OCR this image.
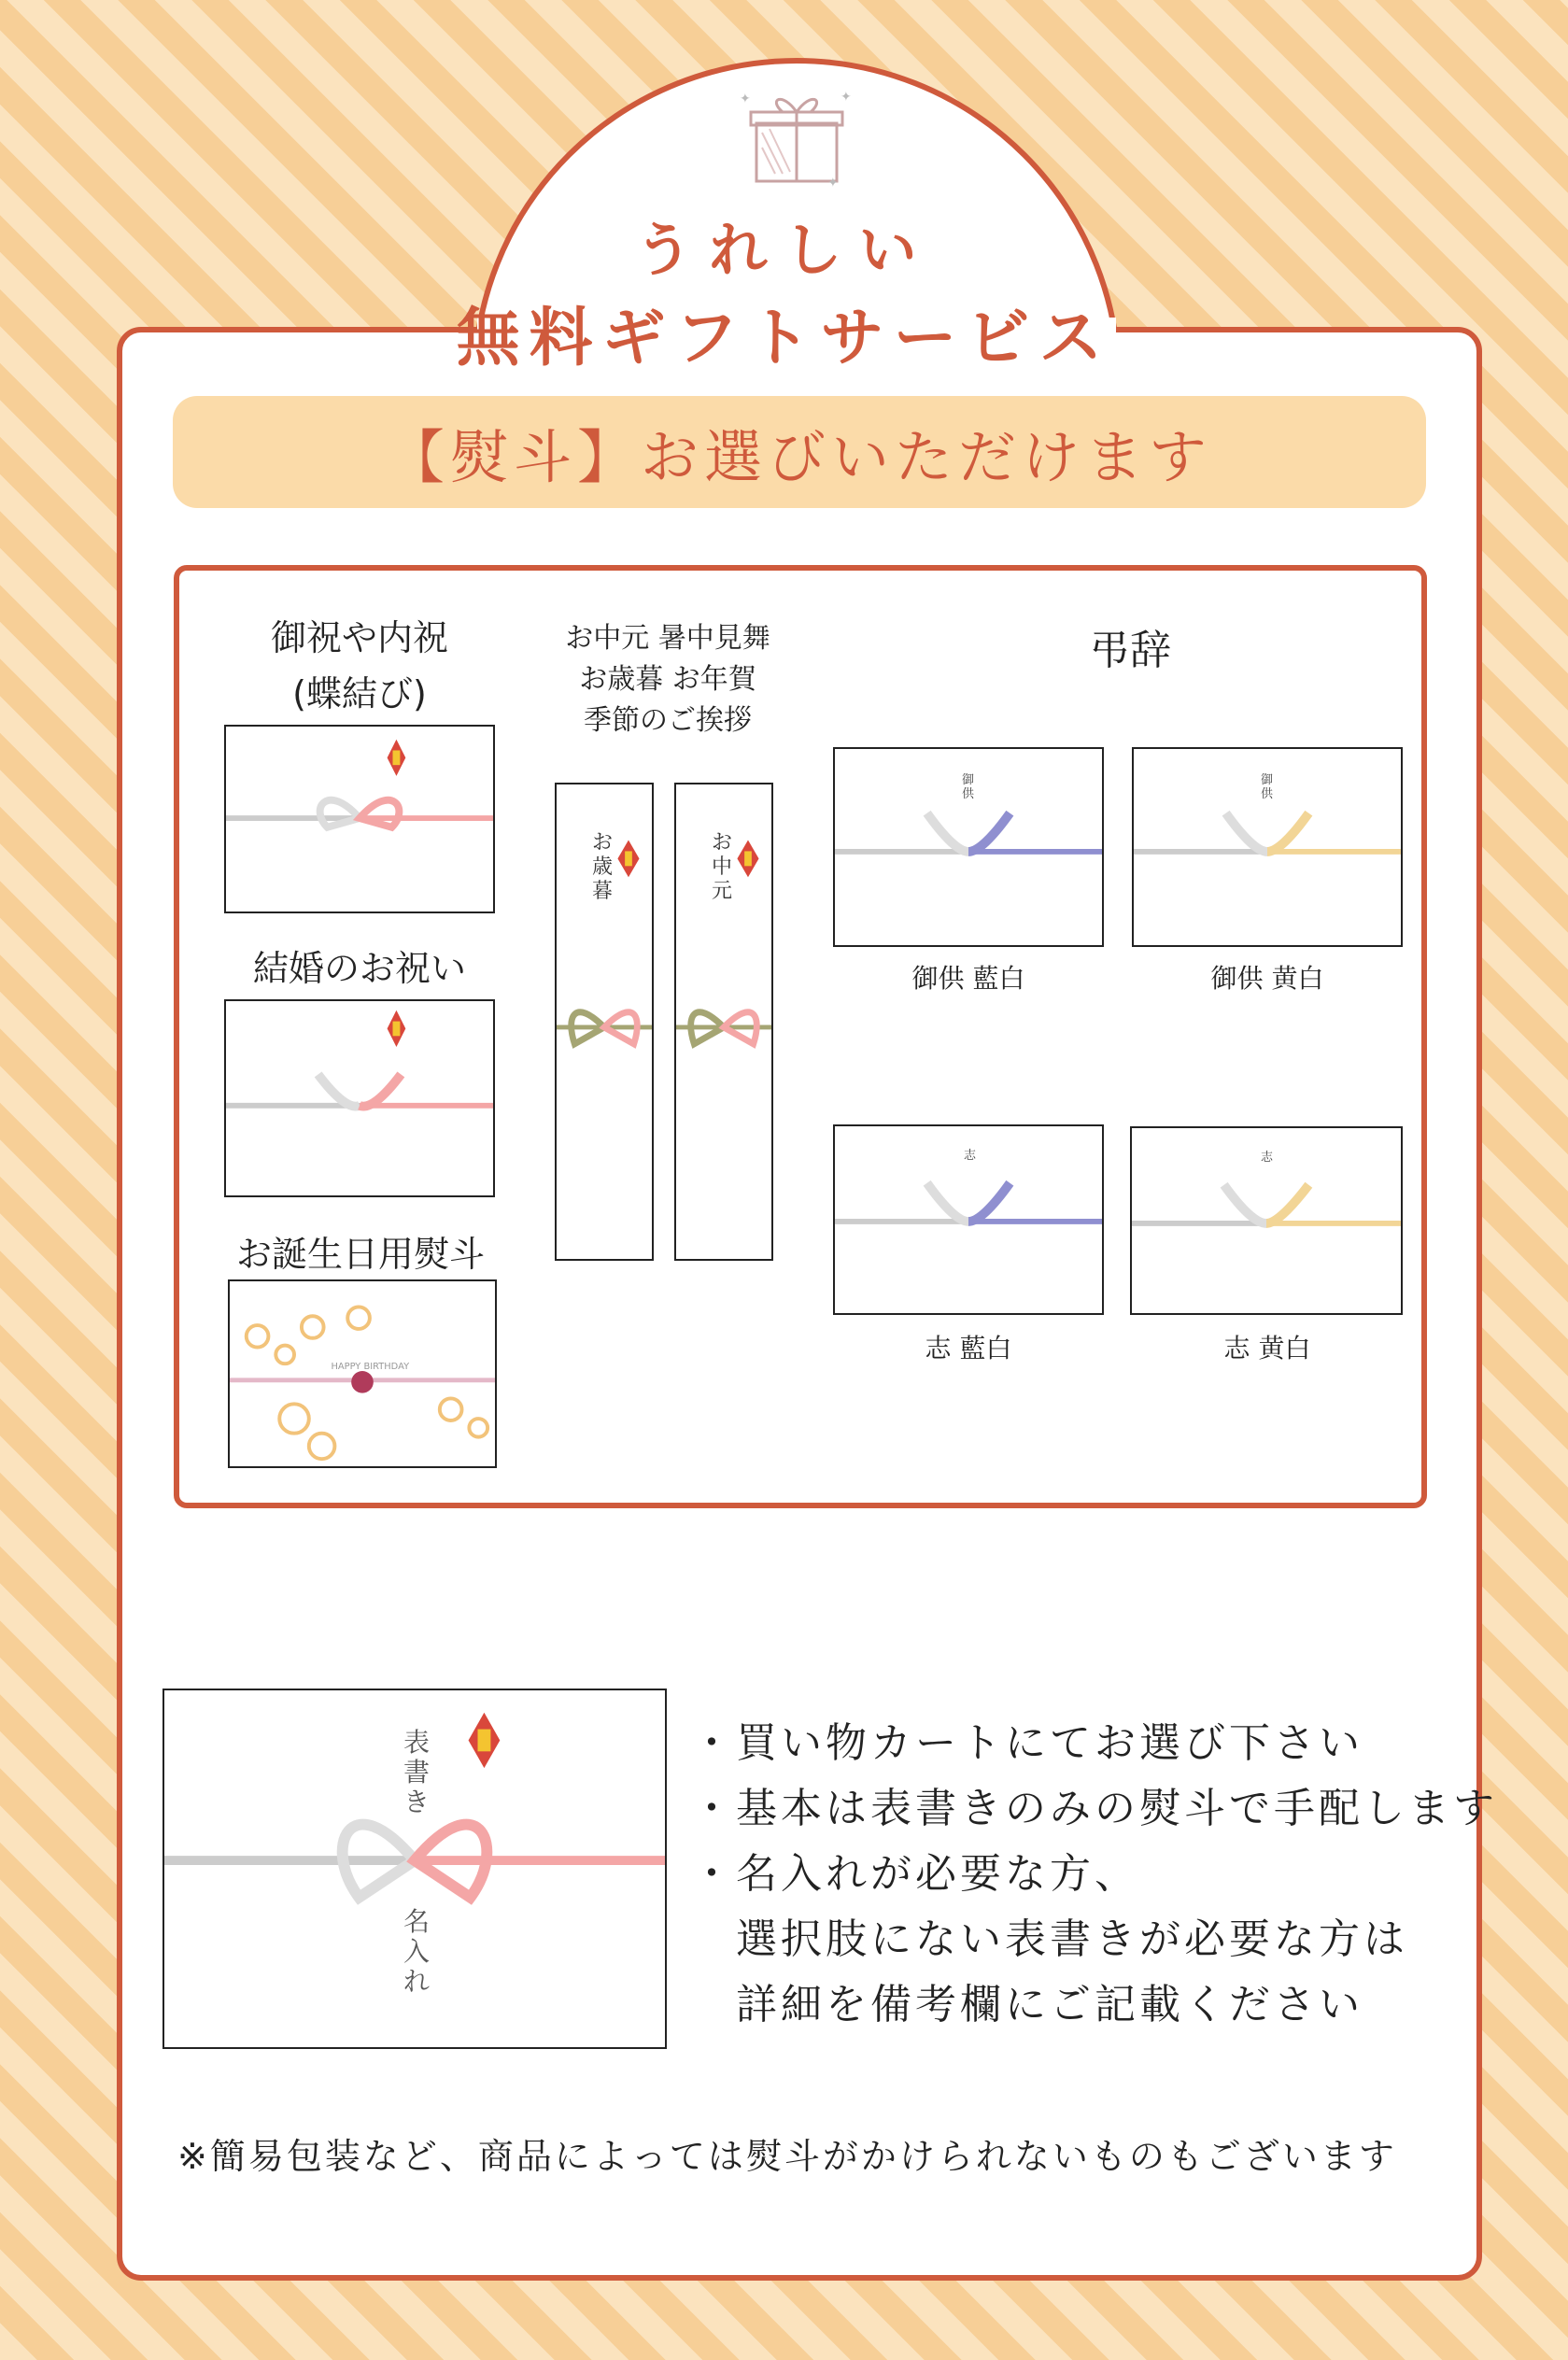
✦	✦
✦
うれしい
無料ギフトサービス
【熨斗】お選びいただけます
御祝や内祝
(蝶結び)
結婚のお祝い
お誕生日用熨斗
HAPPY BIRTHDAY
お中元 暑中見舞
お歳暮 お年賀
季節のご挨拶
お歳暮
お中元
弔辞
御供
御供 藍白
御供
御供 黄白
志
志 藍白
志
志 黄白
表書き
名入れ
・買い物カートにてお選び下さい
・基本は表書きのみの熨斗で手配します
・名入れが必要な方、
　選択肢にない表書きが必要な方は
　詳細を備考欄にご記載ください
※簡易包装など、商品によっては熨斗がかけられないものもございます
